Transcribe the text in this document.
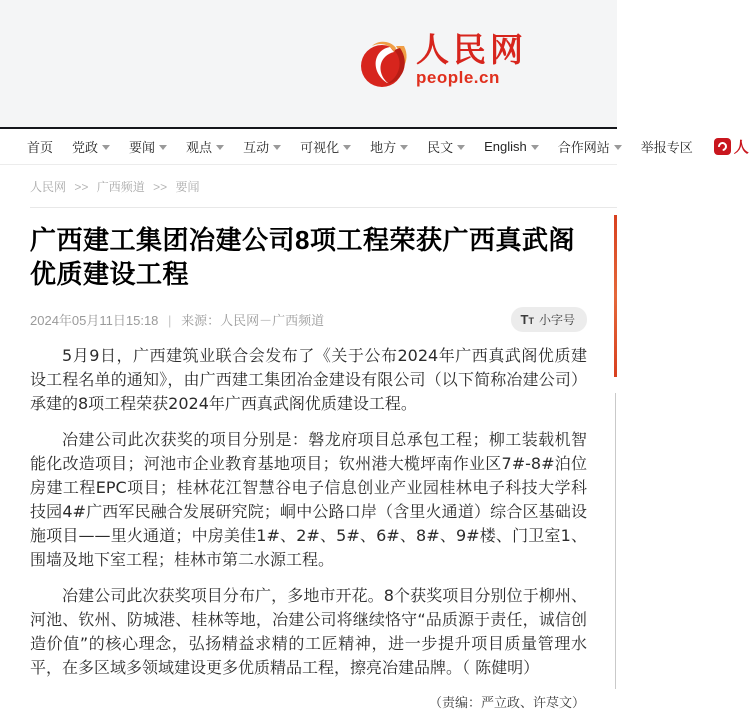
人民网
people.cn
首页 党政 要闻 观点 互动 可视化 地方 民文 English 合作网站 举报专区	人
人民网 >> 广西频道 >> 要闻
广西建工集团冶建公司8项工程荣获广西真武阁优质建设工程
2024年05月11日15:18 | 来源：人民网－广西频道	TT 小字号

5月9日，广西建筑业联合会发布了《关于公布2024年广西真武阁优质建设工程名单的通知》，由广西建工集团冶金建设有限公司（以下简称冶建公司）承建的8项工程荣获2024年广西真武阁优质建设工程。

冶建公司此次获奖的项目分别是：磐龙府项目总承包工程；柳工装载机智能化改造项目；河池市企业教育基地项目；钦州港大榄坪南作业区7#-8#泊位房建工程EPC项目；桂林花江智慧谷电子信息创业产业园桂林电子科技大学科技园4#广西军民融合发展研究院；峒中公路口岸（含里火通道）综合区基础设施项目——里火通道；中房美佳1#、2#、5#、6#、8#、9#楼、门卫室1、围墙及地下室工程；桂林市第二水源工程。

冶建公司此次获奖项目分布广，多地市开花。8个获奖项目分别位于柳州、河池、钦州、防城港、桂林等地，冶建公司将继续恪守“品质源于责任，诚信创造价值”的核心理念，弘扬精益求精的工匠精神，进一步提升项目质量管理水平，在多区域多领域建设更多优质精品工程，擦亮冶建品牌。（ 陈健明）

（责编：严立政、许荩文）
